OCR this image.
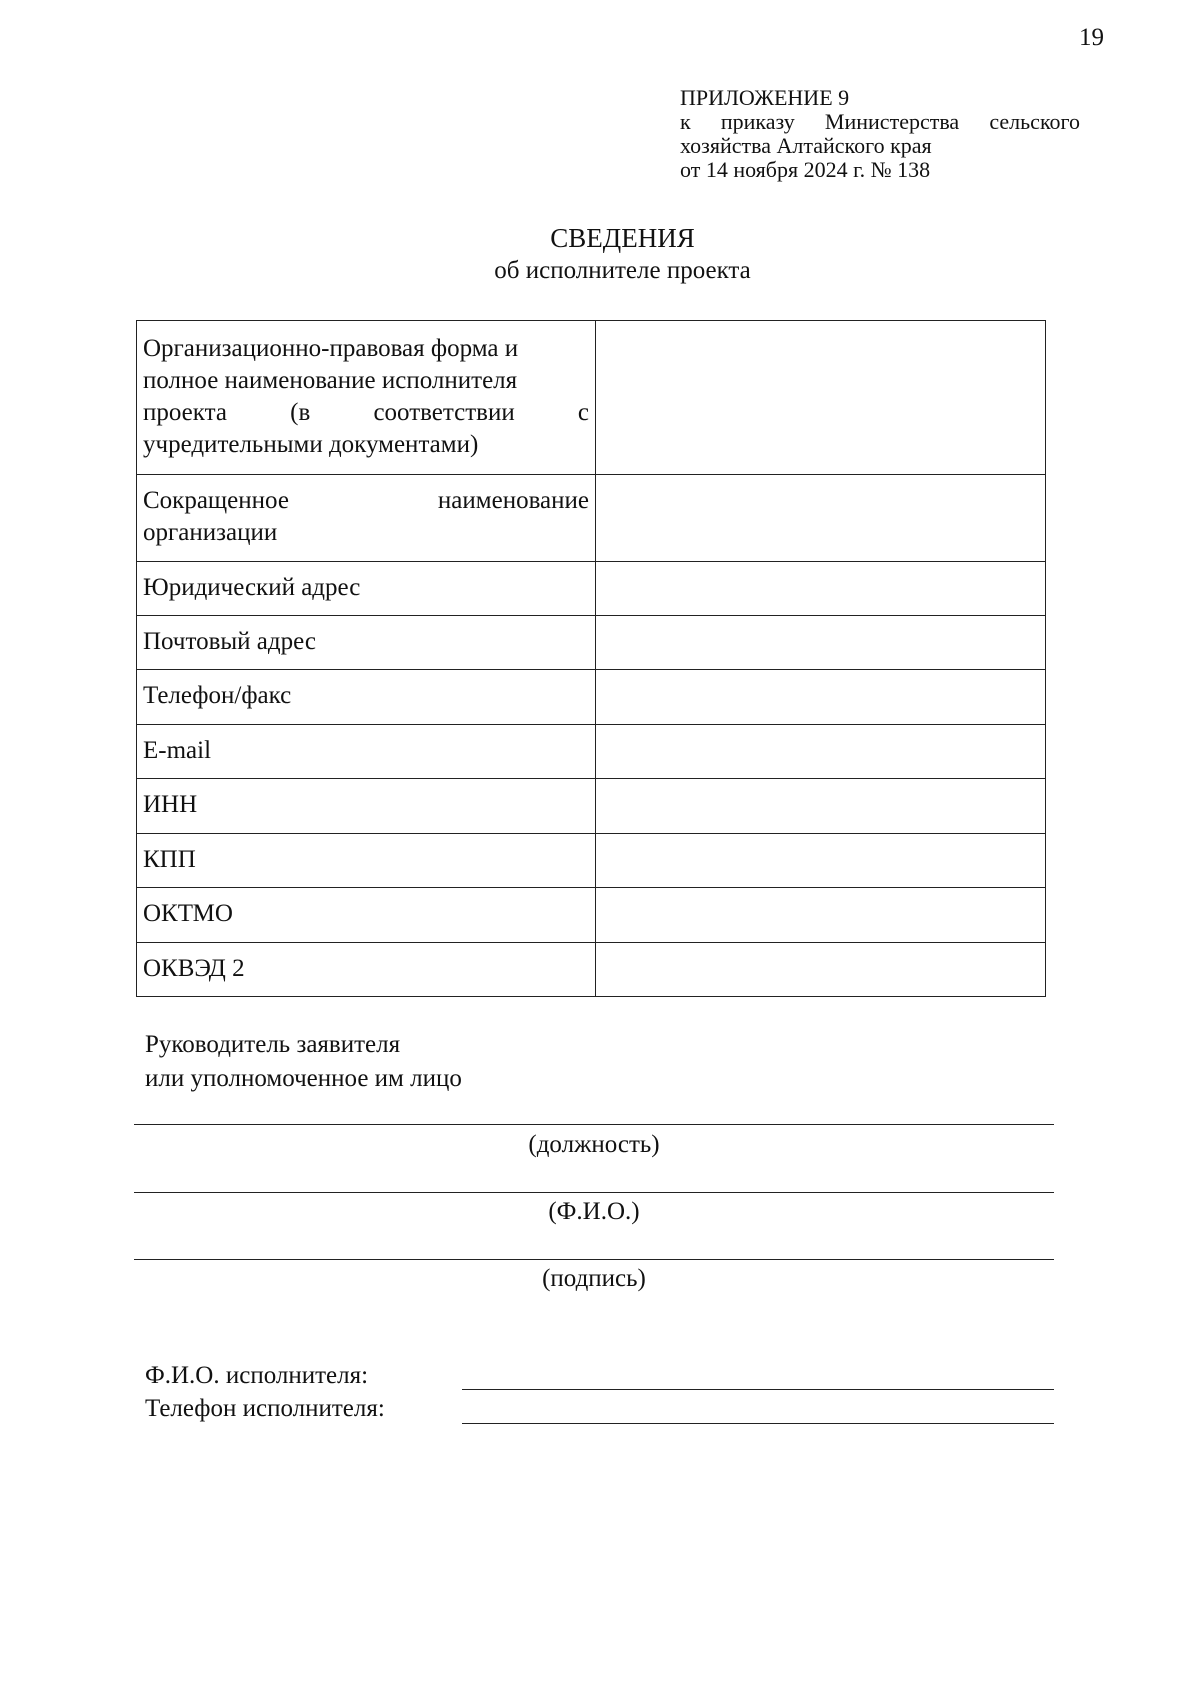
19
ПРИЛОЖЕНИЕ 9
к приказу Министерства сельского
хозяйства Алтайского края
от 14 ноября 2024 г. № 138
СВЕДЕНИЯ
об исполнителе проекта
Организационно-правовая форма и
полное наименование исполнителя
проекта (в соответствии с
учредительными документами)	

Сокращенное наименование
организации	

Юридический адрес	
Почтовый адрес	
Телефон/факс	
E-mail	
ИНН	
КПП	
ОКТМО	
ОКВЭД 2	
Руководитель заявителя
или уполномоченное им лицо
(должность)
(Ф.И.О.)
(подпись)
Ф.И.О. исполнителя:
Телефон исполнителя:
